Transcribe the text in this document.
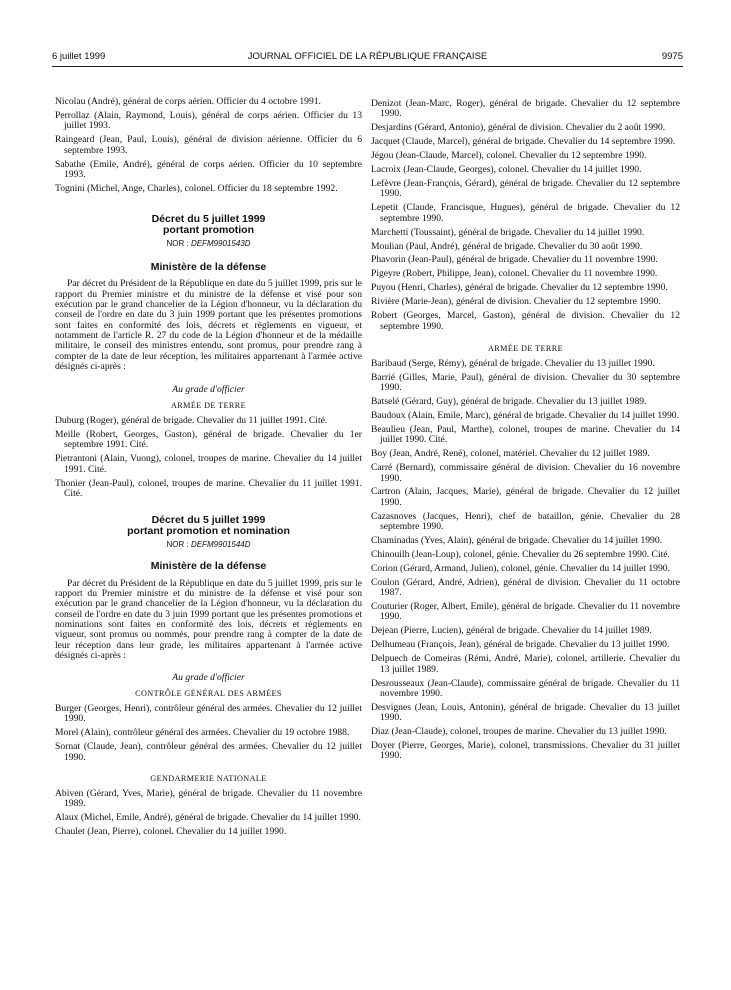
6 juillet 1999	JOURNAL OFFICIEL DE LA RÉPUBLIQUE FRANÇAISE	9975

Nicolau (André), général de corps aérien. Officier du 4 octobre 1991.

Perrollaz (Alain, Raymond, Louis), général de corps aérien. Officier du 13 juillet 1993.

Raingeard (Jean, Paul, Louis), général de division aérienne. Officier du 6 septembre 1993.

Sabathe (Emile, André), général de corps aérien. Officier du 10 septembre 1993.

Tognini (Michel, Ange, Charles), colonel. Officier du 18 septembre 1992.

Décret du 5 juillet 1999

portant promotion

NOR : DEFM9901543D

Ministère de la défense

Par décret du Président de la République en date du 5 juillet 1999, pris sur le rapport du Premier ministre et du ministre de la défense et visé pour son exécution par le grand chancelier de la Légion d'honneur, vu la déclaration du conseil de l'ordre en date du 3 juin 1999 portant que les présentes promotions sont faites en conformité des lois, décrets et règlements en vigueur, et notamment de l'article R. 27 du code de la Légion d'honneur et de la médaille militaire, le conseil des ministres entendu, sont promus, pour prendre rang à compter de la date de leur réception, les militaires appartenant à l'armée active désignés ci-après :

Au grade d'officier

ARMÉE DE TERRE

Duburg (Roger), général de brigade. Chevalier du 11 juillet 1991. Cité.

Meille (Robert, Georges, Gaston), général de brigade. Chevalier du 1er septembre 1991. Cité.

Pietrantoni (Alain, Vuong), colonel, troupes de marine. Chevalier du 14 juillet 1991. Cité.

Thonier (Jean-Paul), colonel, troupes de marine. Chevalier du 11 juillet 1991. Cité.

Décret du 5 juillet 1999

portant promotion et nomination

NOR : DEFM9901544D

Ministère de la défense

Par décret du Président de la République en date du 5 juillet 1999, pris sur le rapport du Premier ministre et du ministre de la défense et visé pour son exécution par le grand chancelier de la Légion d'honneur, vu la déclaration du conseil de l'ordre en date du 3 juin 1999 portant que les présentes promotions et nominations sont faites en conformité des lois, décrets et règlements en vigueur, sont promus ou nommés, pour prendre rang à compter de la date de leur réception dans leur grade, les militaires appartenant à l'armée active désignés ci-après :

Au grade d'officier

CONTRÔLE GÉNÉRAL DES ARMÉES

Burger (Georges, Henri), contrôleur général des armées. Chevalier du 12 juillet 1990.

Morel (Alain), contrôleur général des armées. Chevalier du 19 octobre 1988.

Sornat (Claude, Jean), contrôleur général des armées. Chevalier du 12 juillet 1990.

GENDARMERIE NATIONALE

Abiven (Gérard, Yves, Marie), général de brigade. Chevalier du 11 novembre 1989.

Alaux (Michel, Emile, André), général de brigade. Chevalier du 14 juillet 1990.

Chaulet (Jean, Pierre), colonel. Chevalier du 14 juillet 1990.

Denizot (Jean-Marc, Roger), général de brigade. Chevalier du 12 septembre 1990.

Desjardins (Gérard, Antonio), général de division. Chevalier du 2 août 1990.

Jacquet (Claude, Marcel), général de brigade. Chevalier du 14 septembre 1990.

Jégou (Jean-Claude, Marcel), colonel. Chevalier du 12 septembre 1990.

Lacroix (Jean-Claude, Georges), colonel. Chevalier du 14 juillet 1990.

Lefèvre (Jean-François, Gérard), général de brigade. Chevalier du 12 septembre 1990.

Lepetit (Claude, Francisque, Hugues), général de brigade. Chevalier du 12 septembre 1990.

Marchetti (Toussaint), général de brigade. Chevalier du 14 juillet 1990.

Moulian (Paul, André), général de brigade. Chevalier du 30 août 1990.

Phavorin (Jean-Paul), général de brigade. Chevalier du 11 novembre 1990.

Pigeyre (Robert, Philippe, Jean), colonel. Chevalier du 11 novembre 1990.

Puyou (Henri, Charles), général de brigade. Chevalier du 12 septembre 1990.

Rivière (Marie-Jean), général de division. Chevalier du 12 septembre 1990.

Robert (Georges, Marcel, Gaston), général de division. Chevalier du 12 septembre 1990.

ARMÉE DE TERRE

Baribaud (Serge, Rémy), général de brigade. Chevalier du 13 juillet 1990.

Barrié (Gilles, Marie, Paul), général de division. Chevalier du 30 septembre 1990.

Batselé (Gérard, Guy), général de brigade. Chevalier du 13 juillet 1989.

Baudoux (Alain, Emile, Marc), général de brigade. Chevalier du 14 juillet 1990.

Beaulieu (Jean, Paul, Marthe), colonel, troupes de marine. Chevalier du 14 juillet 1990. Cité.

Boy (Jean, André, René), colonel, matériel. Chevalier du 12 juillet 1989.

Carré (Bernard), commissaire général de division. Chevalier du 16 novembre 1990.

Cartron (Alain, Jacques, Marie), général de brigade. Chevalier du 12 juillet 1990.

Cazasnoves (Jacques, Henri), chef de bataillon, génie. Chevalier du 28 septembre 1990.

Chaminadas (Yves, Alain), général de brigade. Chevalier du 14 juillet 1990.

Chinouilh (Jean-Loup), colonel, génie. Chevalier du 26 septembre 1990. Cité.

Corion (Gérard, Armand, Julien), colonel, génie. Chevalier du 14 juillet 1990.

Coulon (Gérard, André, Adrien), général de division. Chevalier du 11 octobre 1987.

Couturier (Roger, Albert, Emile), général de brigade. Chevalier du 11 novembre 1990.

Dejean (Pierre, Lucien), général de brigade. Chevalier du 14 juillet 1989.

Delhumeau (François, Jean), général de brigade. Chevalier du 13 juillet 1990.

Delpuech de Comeiras (Rémi, André, Marie), colonel, artillerie. Chevalier du 13 juillet 1989.

Desrousseaux (Jean-Claude), commissaire général de brigade. Chevalier du 11 novembre 1990.

Desvignes (Jean, Louis, Antonin), général de brigade. Chevalier du 13 juillet 1990.

Diaz (Jean-Claude), colonel, troupes de marine. Chevalier du 13 juillet 1990.

Doyer (Pierre, Georges, Marie), colonel, transmissions. Chevalier du 31 juillet 1990.
